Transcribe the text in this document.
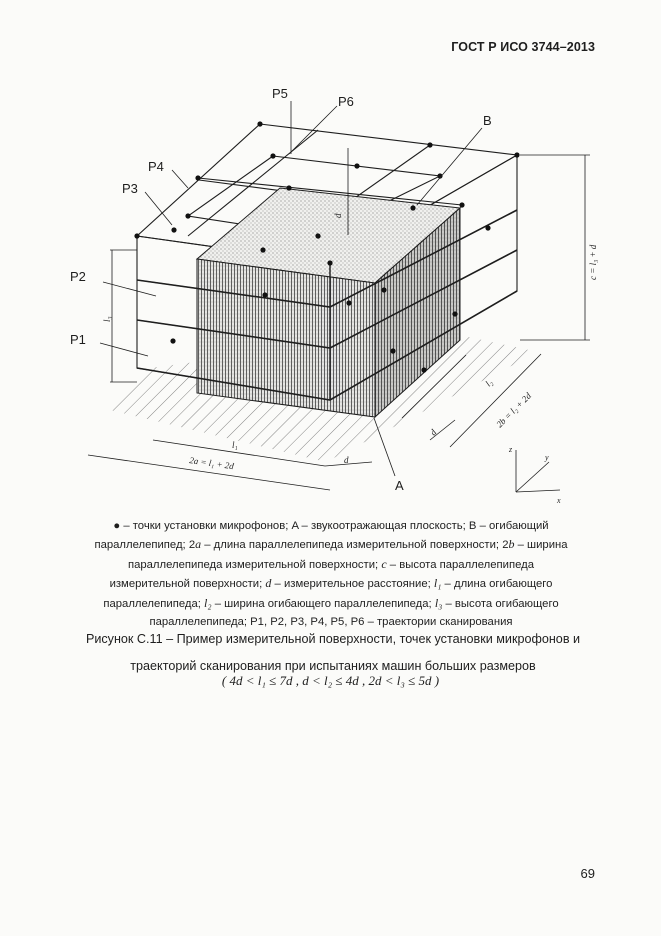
ГОСТ Р ИСО 3744–2013
P5
P6
P4
P3
P2
P1
B
A
c = l₃ + d
l₃
l₁
2a = l₁ + 2d	d
d
l₂
2b = l₂ + 2d
d
z
y
x
● – точки установки микрофонов; A – звукоотражающая плоскость; B – огибающий
параллелепипед; 2a – длина параллелепипеда измерительной поверхности; 2b – ширина
параллелепипеда измерительной поверхности; c – высота параллелепипеда
измерительной поверхности; d – измерительное расстояние; l₁ – длина огибающего
параллелепипеда; l₂ – ширина огибающего параллелепипеда; l₃ – высота огибающего
параллелепипеда; P1, P2, P3, P4, P5, P6 – траектории сканирования
Рисунок С.11 – Пример измерительной поверхности, точек установки микрофонов и
траекторий сканирования при испытаниях машин больших размеров
( 4d < l₁ ≤ 7d , d < l₂ ≤ 4d , 2d < l₃ ≤ 5d )
69
